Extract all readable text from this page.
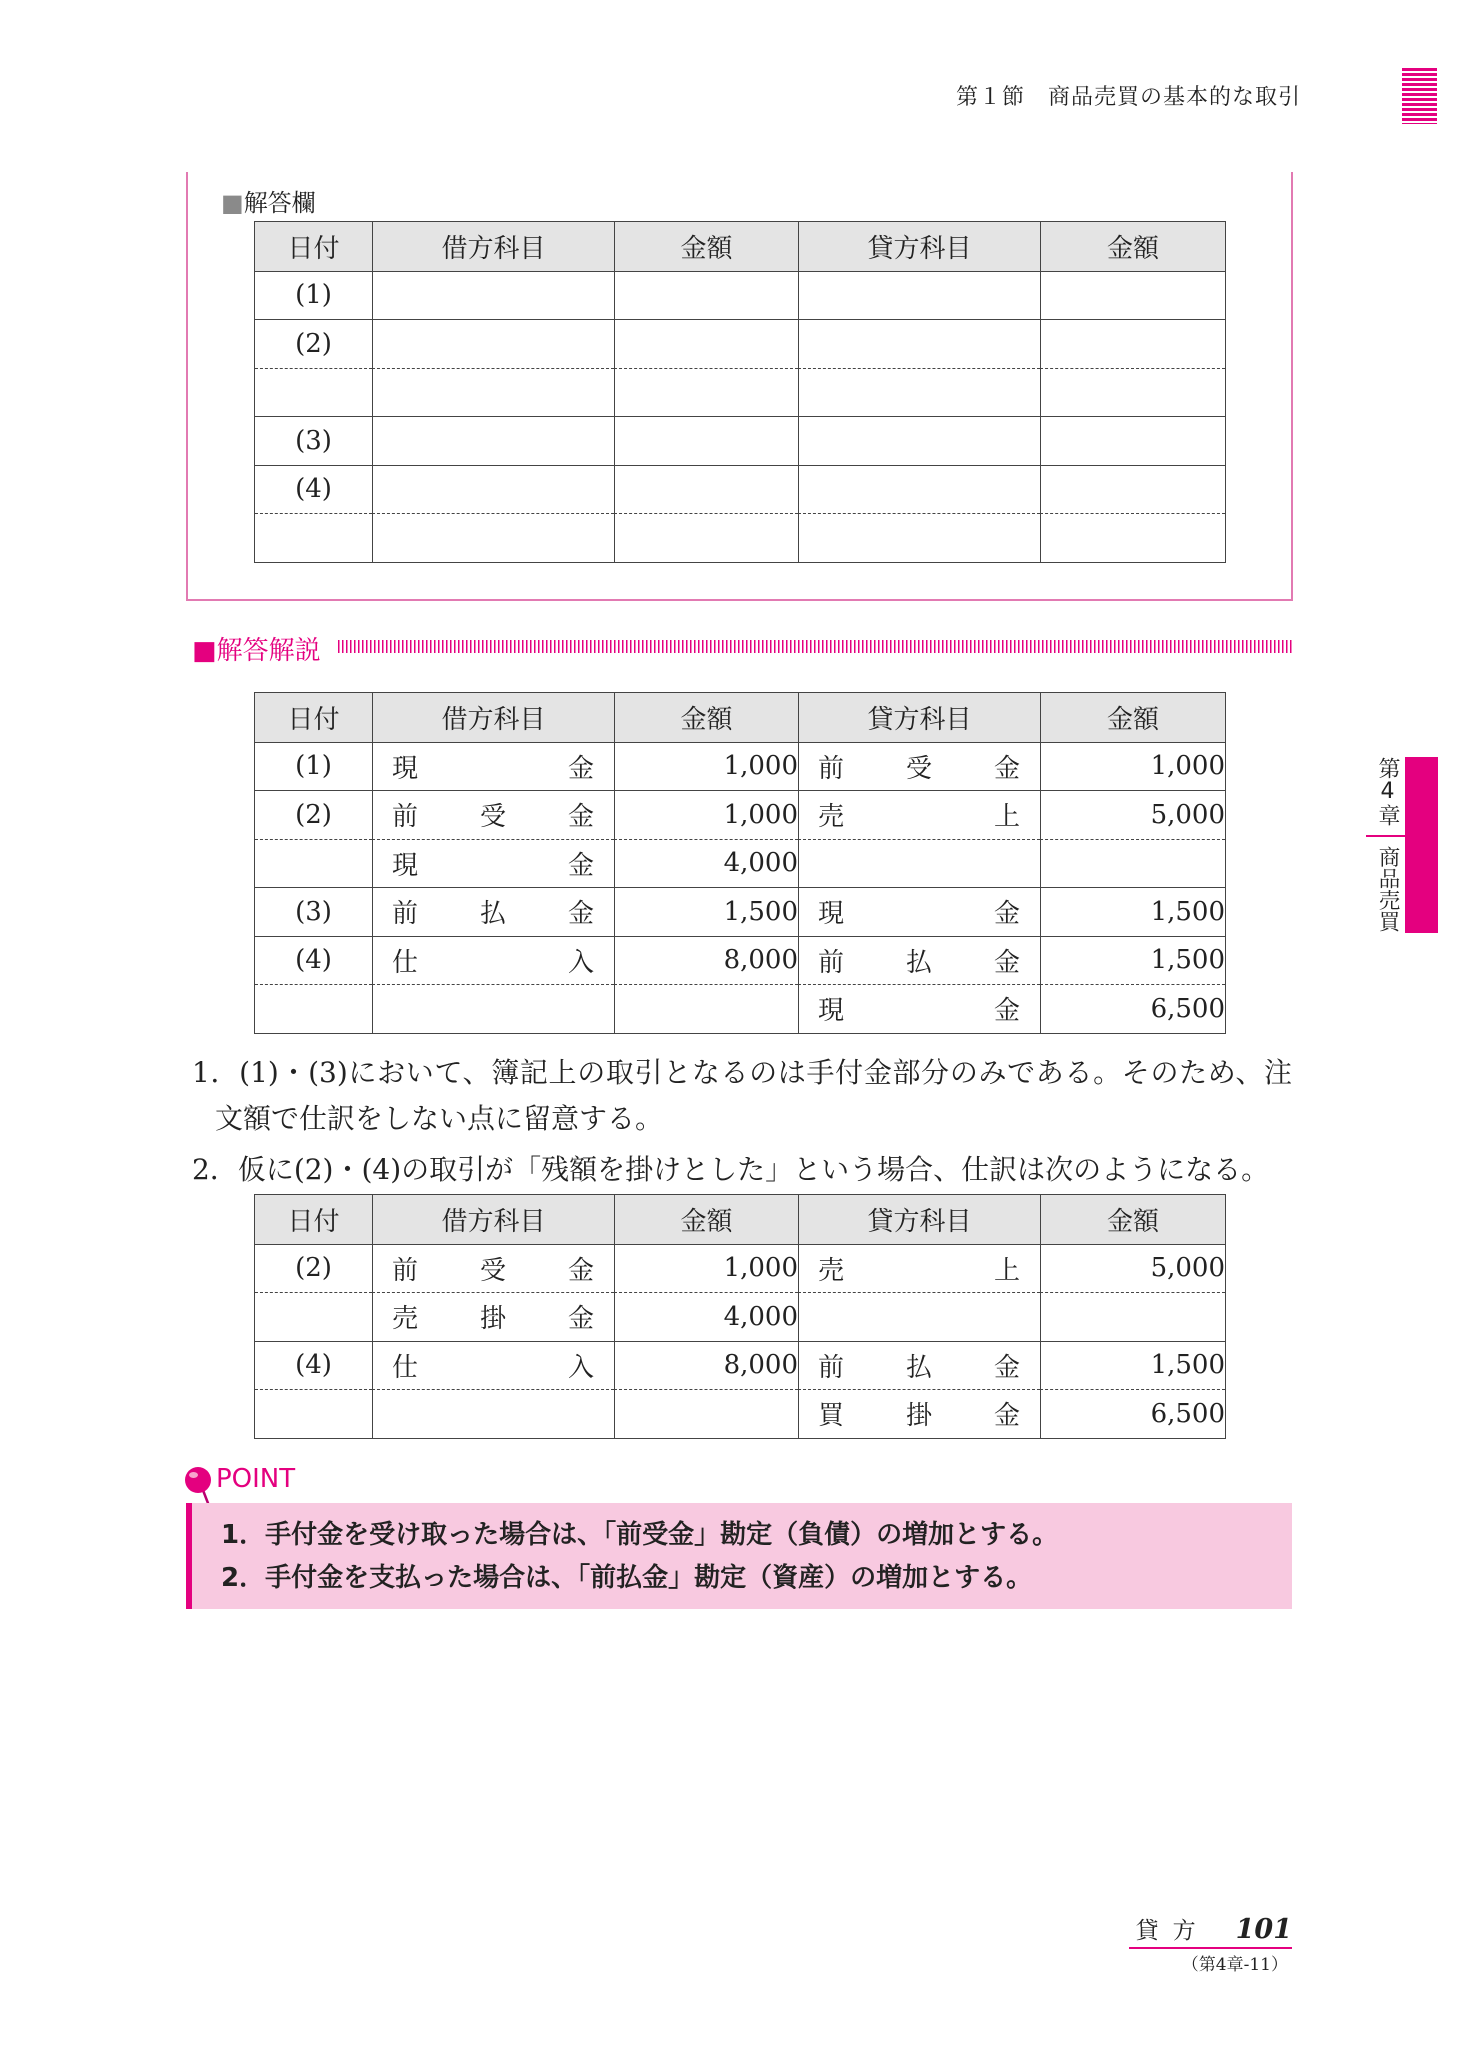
第１節　商品売買の基本的な取引
第4章
商品売買
■解答欄
日付	借方科目	金額	貸方科目	金額
(1)				
(2)				

(3)				
(4)				

■解答解説
日付	借方科目	金額	貸方科目	金額
(1)	現金	1,000	前受金	1,000
(2)	前受金	1,000	売上	5,000

	現金	4,000		
(3)	前払金	1,500	現金	1,500
(4)	仕入	8,000	前払金	1,500

			現金	6,500
1．(1)・(3)において、簿記上の取引となるのは手付金部分のみである。そのため、注
文額で仕訳をしない点に留意する。
2．仮に(2)・(4)の取引が「残額を掛けとした」という場合、仕訳は次のようになる。
日付	借方科目	金額	貸方科目	金額
(2)	前受金	1,000	売上	5,000

	売掛金	4,000		
(4)	仕入	8,000	前払金	1,500

			買掛金	6,500
POINT
1．手付金を受け取った場合は、「前受金」勘定（負債）の増加とする。
2．手付金を支払った場合は、「前払金」勘定（資産）の増加とする。
貸方 101
（第4章-11）
